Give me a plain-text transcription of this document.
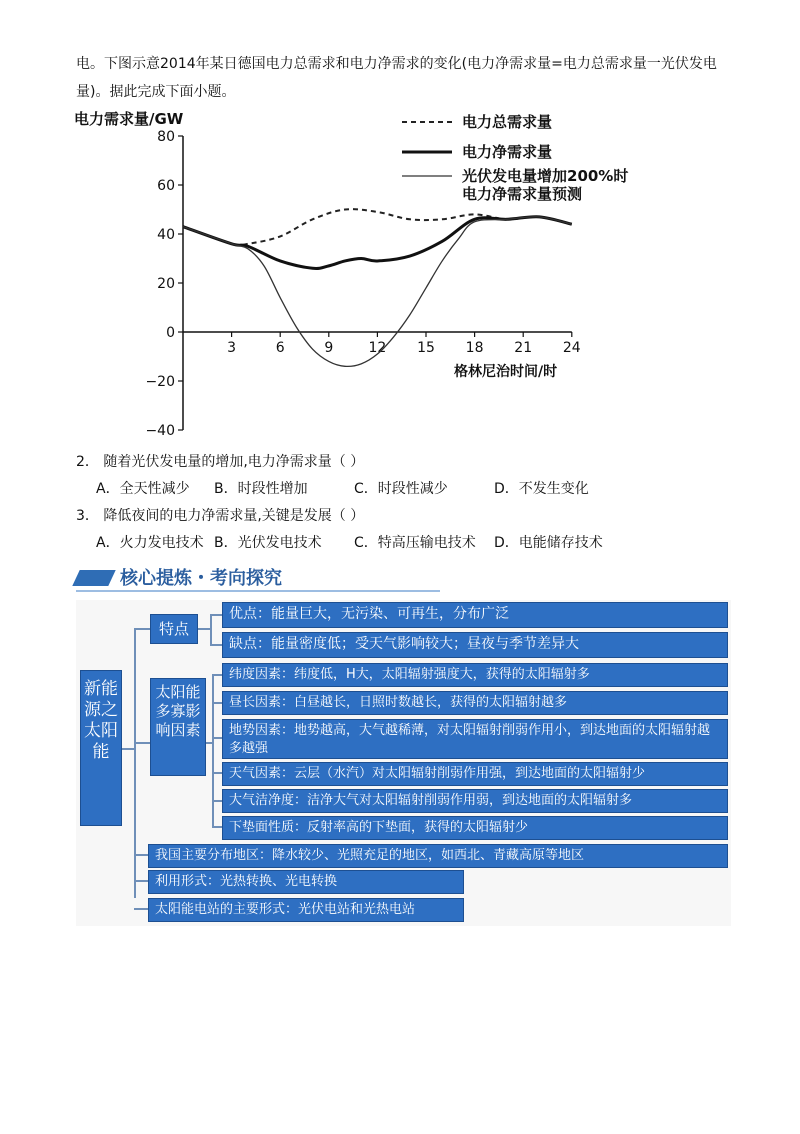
电。下图示意2014年某日德国电力总需求和电力净需求的变化(电力净需求量=电力总需求量一光伏发电量)。据此完成下面小题。
80
60
40
20
0
−20
−40
3	6	9	12 15 18 21 24
电力需求量/GW
格林尼治时间/时
电力总需求量
电力净需求量
光伏发电量增加200%时
电力净需求量预测
2． 随着光伏发电量的增加,电力净需求量（ ）
A．全天性减少 B．时段性增加	C．时段性减少	D．不发生变化
3． 降低夜间的电力净需求量,关键是发展（ ）
A．火力发电技术 B．光伏发电技术 C．特高压输电技术 D．电能储存技术
核心提炼・考向探究
新能源之太阳能
特点
太阳能多寡影响因素
优点：能量巨大，无污染、可再生，分布广泛
缺点：能量密度低；受天气影响较大；昼夜与季节差异大
纬度因素：纬度低，H大，太阳辐射强度大，获得的太阳辐射多
昼长因素：白昼越长，日照时数越长，获得的太阳辐射越多
地势因素：地势越高，大气越稀薄，对太阳辐射削弱作用小，到达地面的太阳辐射越多越强
天气因素：云层（水汽）对太阳辐射削弱作用强，到达地面的太阳辐射少
大气洁净度：洁净大气对太阳辐射削弱作用弱，到达地面的太阳辐射多
下垫面性质：反射率高的下垫面，获得的太阳辐射少
我国主要分布地区：降水较少、光照充足的地区，如西北、青藏高原等地区
利用形式：光热转换、光电转换
太阳能电站的主要形式：光伏电站和光热电站
